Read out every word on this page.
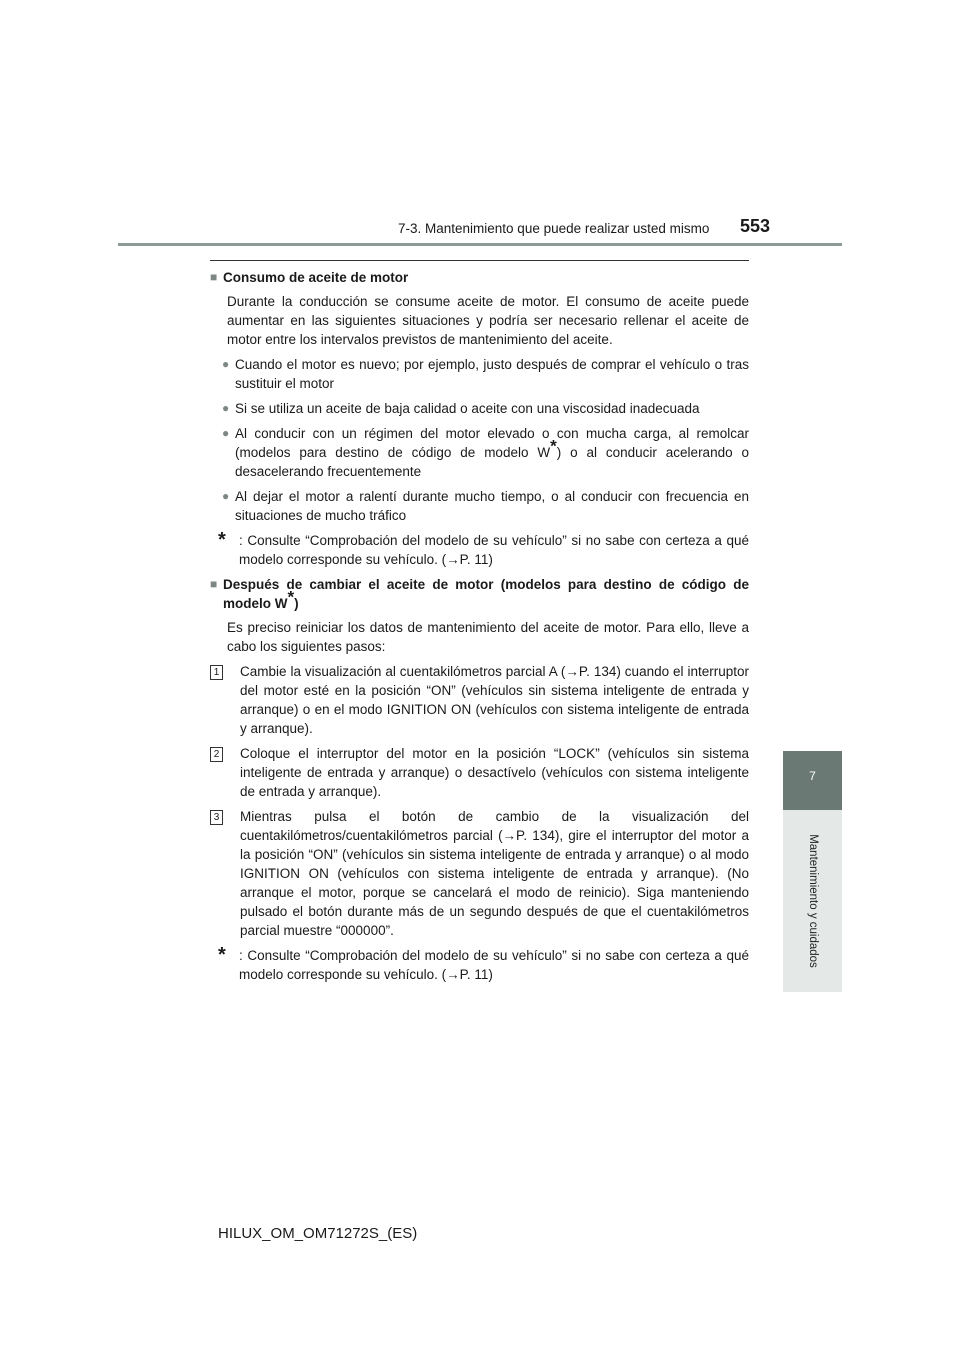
7-3. Mantenimiento que puede realizar usted mismo 553
7
Mantenimiento y cuidados
■ Consumo de aceite de motor

Durante la conducción se consume aceite de motor. El consumo de aceite puede aumentar en las siguientes situaciones y podría ser necesario rellenar el aceite de motor entre los intervalos previstos de mantenimiento del aceite.

● Cuando el motor es nuevo; por ejemplo, justo después de comprar el vehículo o tras sustituir el motor
● Si se utiliza un aceite de baja calidad o aceite con una viscosidad inadecuada
● Al conducir con un régimen del motor elevado o con mucha carga, al remolcar (modelos para destino de código de modelo W*) o al conducir acelerando o desacelerando frecuentemente
● Al dejar el motor a ralentí durante mucho tiempo, o al conducir con frecuencia en situaciones de mucho tráfico
* : Consulte “Comprobación del modelo de su vehículo” si no sabe con certeza a qué modelo corresponde su vehículo. (→P. 11)
■ Después de cambiar el aceite de motor (modelos para destino de código de modelo W*)

Es preciso reiniciar los datos de mantenimiento del aceite de motor. Para ello, lleve a cabo los siguientes pasos:

1 Cambie la visualización al cuentakilómetros parcial A (→P. 134) cuando el interruptor del motor esté en la posición “ON” (vehículos sin sistema inteligente de entrada y arranque) o en el modo IGNITION ON (vehículos con sistema inteligente de entrada y arranque).
2 Coloque el interruptor del motor en la posición “LOCK” (vehículos sin sistema inteligente de entrada y arranque) o desactívelo (vehículos con sistema inteligente de entrada y arranque).
3 Mientras pulsa el botón de cambio de la visualización del cuentakilómetros/cuentakilómetros parcial (→P. 134), gire el interruptor del motor a la posición “ON” (vehículos sin sistema inteligente de entrada y arranque) o al modo IGNITION ON (vehículos con sistema inteligente de entrada y arranque). (No arranque el motor, porque se cancelará el modo de reinicio). Siga manteniendo pulsado el botón durante más de un segundo después de que el cuentakilómetros parcial muestre “000000”.
* : Consulte “Comprobación del modelo de su vehículo” si no sabe con certeza a qué modelo corresponde su vehículo. (→P. 11)
HILUX_OM_OM71272S_(ES)
